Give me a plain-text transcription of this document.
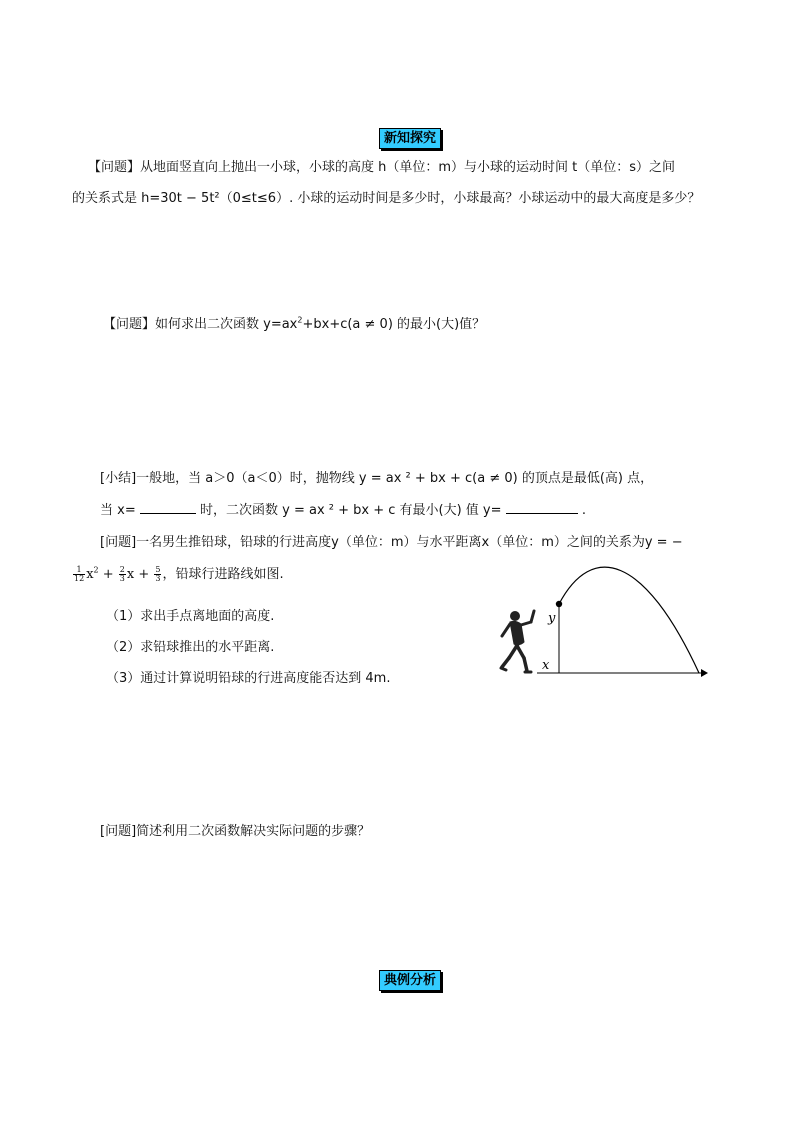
新知探究
【问题】从地面竖直向上抛出一小球，小球的高度 h（单位：m）与小球的运动时间 t（单位：s）之间
的关系式是 h=30t − 5t²（0≤t≤6）. 小球的运动时间是多少时，小球最高？小球运动中的最大高度是多少？
【问题】如何求出二次函数 $y=ax^2+bx+c(a \ne 0)$ 的最小(大)值？
[小结]一般地，当 a＞0（a＜0）时，抛物线 y = ax ² + bx + c(a ≠ 0) 的顶点是最低(高) 点，
当 x=	时，二次函数 y = ax ² + bx + c 有最小(大) 值 y=	.
[问题]一名男生推铅球，铅球的行进高度y（单位：m）与水平距离x（单位：m）之间的关系为y = −
$\frac{1}{12} x^2 + \frac{2}{3}$ $x + \frac{5}{3}$ ，铅球行进路线如图.
（1）求出手点离地面的高度.
（2）求铅球推出的水平距离.
（3）通过计算说明铅球的行进高度能否达到 4m.
y
x
[问题]简述利用二次函数解决实际问题的步骤？
典例分析
